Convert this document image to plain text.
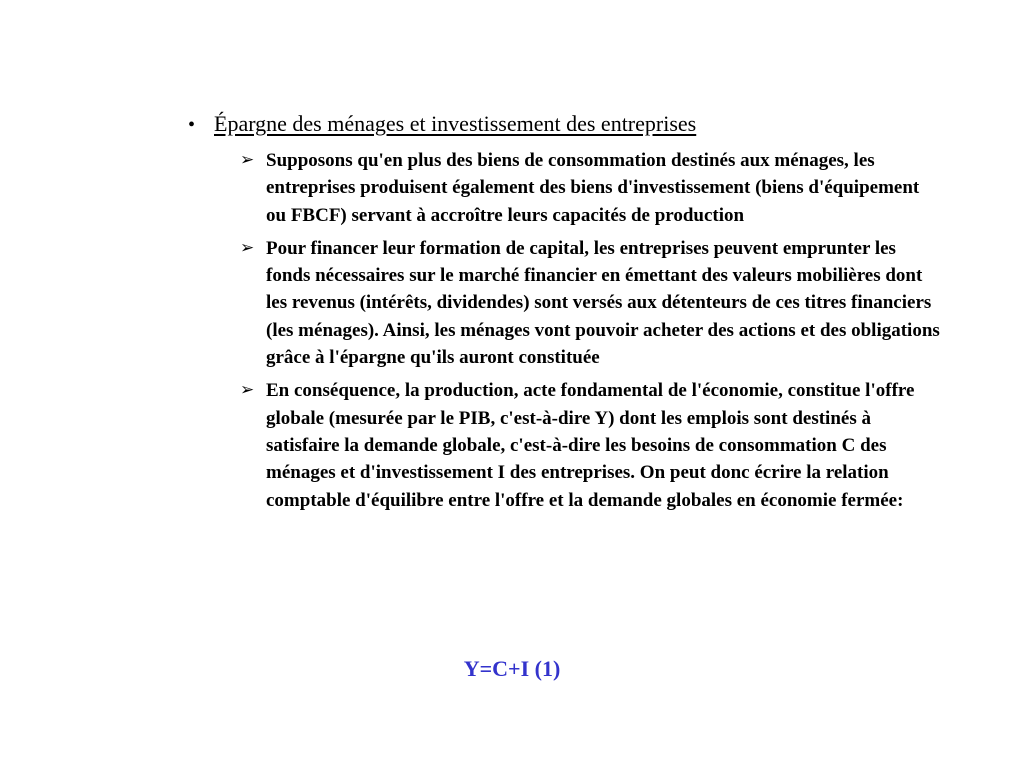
• Épargne des ménages et investissement des entreprises
➢ Supposons qu'en plus des biens de consommation destinés aux ménages, les entreprises produisent également des biens d'investissement (biens d'équipement ou FBCF) servant à accroître leurs capacités de production
➢ Pour financer leur formation de capital, les entreprises peuvent emprunter les fonds nécessaires sur le marché financier en émettant des valeurs mobilières dont les revenus (intérêts, dividendes) sont versés aux détenteurs de ces titres financiers (les ménages). Ainsi, les ménages vont pouvoir acheter des actions et des obligations grâce à l'épargne qu'ils auront constituée
➢ En conséquence, la production, acte fondamental de l'économie, constitue l'offre globale (mesurée par le PIB, c'est-à-dire Y) dont les emplois sont destinés à satisfaire la demande globale, c'est-à-dire les besoins de consommation C des ménages et d'investissement I des entreprises. On peut donc écrire la relation comptable d'équilibre entre l'offre et la demande globales en économie fermée:
Y=C+I (1)
